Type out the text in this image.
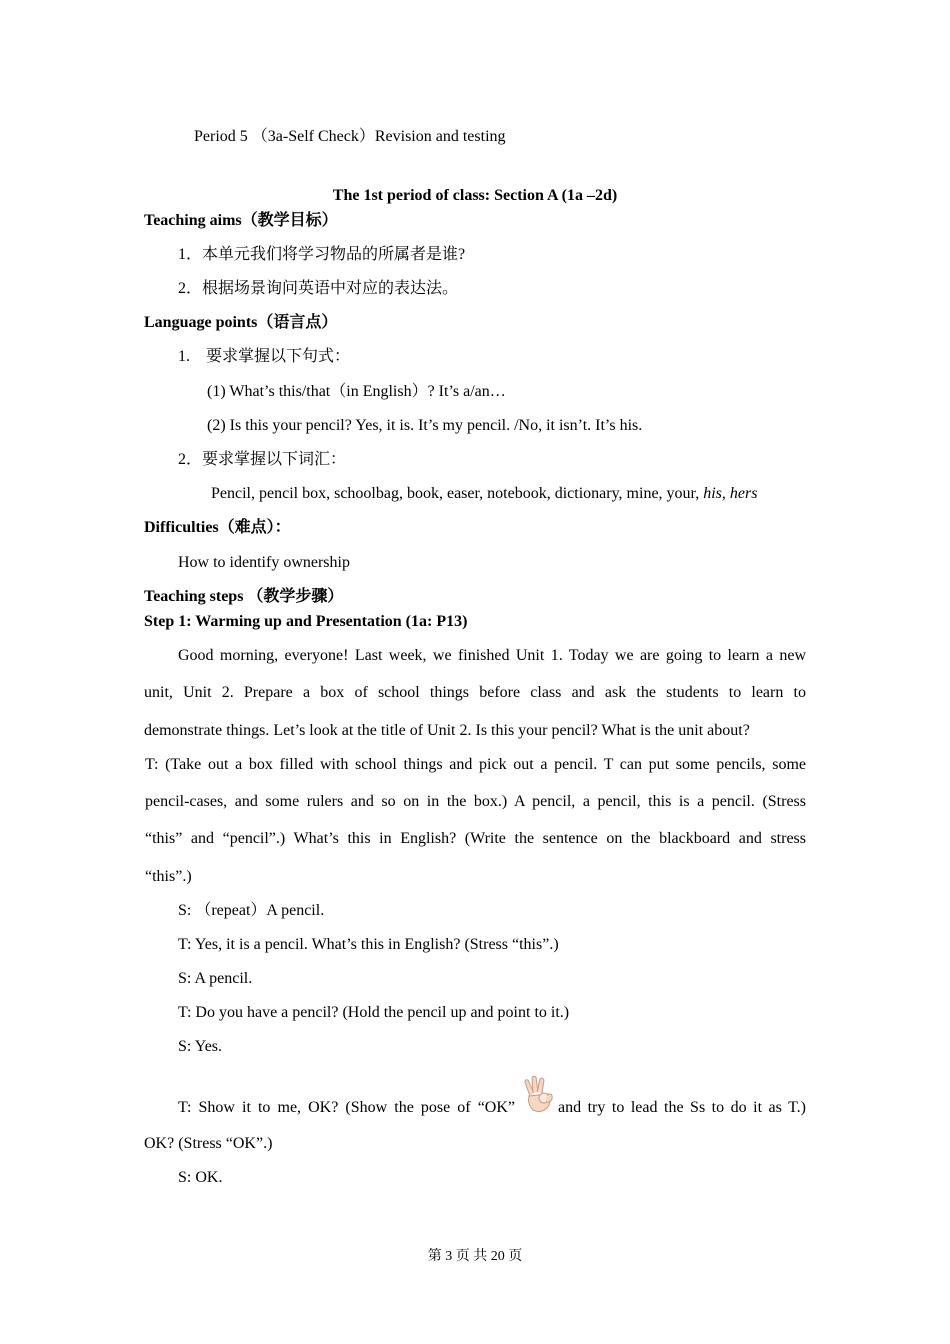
Period 5 （3a-Self Check）Revision and testing
The 1st period of class: Section A (1a –2d)
Teaching aims（教学目标）
1．本单元我们将学习物品的所属者是谁?
2．根据场景询问英语中对应的表达法。
Language points（语言点）
1.　要求掌握以下句式：
(1) What’s this/that（in English）? It’s a/an…
(2) Is this your pencil? Yes, it is. It’s my pencil. /No, it isn’t. It’s his.
2．要求掌握以下词汇：
Pencil, pencil box, schoolbag, book, easer, notebook, dictionary, mine, your, his, hers
Difficulties（难点）：
How to identify ownership
Teaching steps （教学步骤）
Step 1: Warming up and Presentation (1a: P13)
Good morning, everyone! Last week, we finished Unit 1. Today we are going to learn a new
unit, Unit 2. Prepare a box of school things before class and ask the students to learn to
demonstrate things. Let’s look at the title of Unit 2. Is this your pencil? What is the unit about?
T: (Take out a box filled with school things and pick out a pencil. T can put some pencils, some
pencil-cases, and some rulers and so on in the box.) A pencil, a pencil, this is a pencil. (Stress
“this” and “pencil”.) What’s this in English? (Write the sentence on the blackboard and stress
“this”.)
S: （repeat）A pencil.
T: Yes, it is a pencil. What’s this in English? (Stress “this”.)
S: A pencil.
T: Do you have a pencil? (Hold the pencil up and point to it.)
S: Yes.
T: Show it to me, OK? (Show the pose of “OK”	and try to lead the Ss to do it as T.)
OK? (Stress “OK”.)
S: OK.
第 3 页 共 20 页
